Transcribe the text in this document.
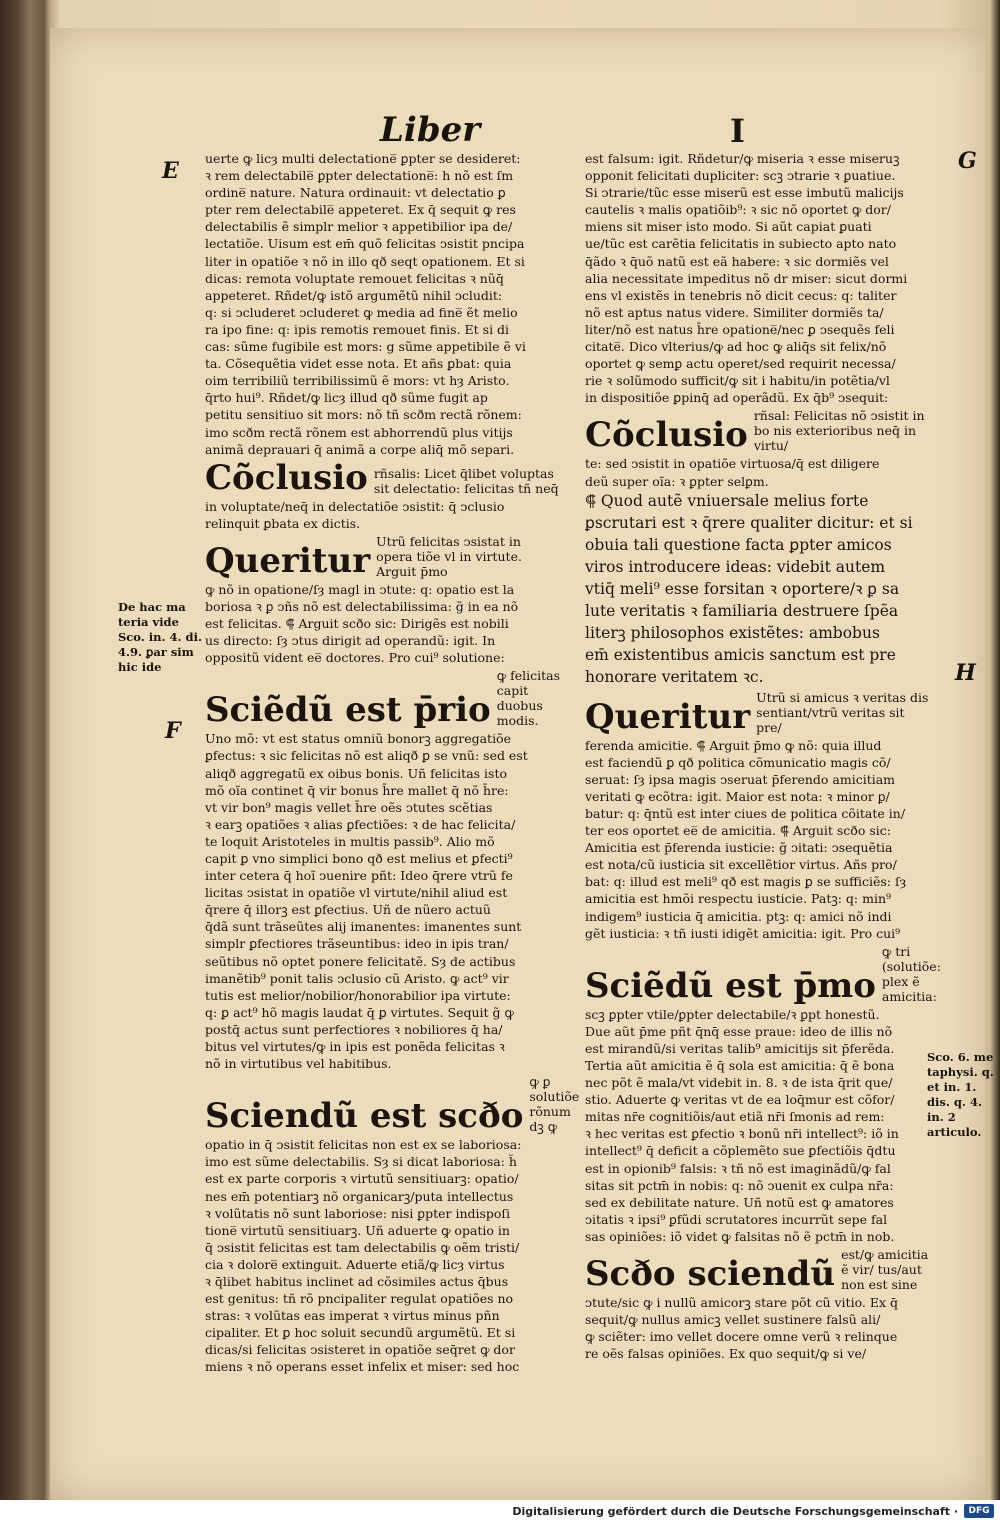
Liber	I
E
F
G
H
De hac ma teria vide Sco. in. 4. di. 4.9. ꝑar sim hic ide
Sco. 6. me taphysi. q. et in. 1. dis. q. 4. in. 2 articulo.
uerte ꝙ licȝ multi delectatione̅ ꝑpter se desideret:
ꝛ rem delectabile̅ ꝑpter delectatione̅: h nõ est ſm
ordine̅ nature. Natura ordinauit: vt delectatio ꝑ
pter rem delectabile̅ appeteret. Ex q̄ sequit ꝙ res
delectabilis ẽ simplr melior ꝛ appetibilior ipa de/
lectatiõe. Uisum est em̄ quõ felicitas ↄsistit pncipa
liter in opatiõe ꝛ nõ in illo qð seqt opationem. Et si
dicas: remota voluptate remouet felicitas ꝛ nũq̄
appeteret. Rñdet/ꝙ istõ argumẽtũ nihil ↄcludit:
q: si ↄcluderet ↄcluderet ꝙ media ad fine̅ ẽt melio
ra ipo fine: q: ipis remotis remouet finis. Et si di
cas: sũme fugibile est mors: g sũme appetibile ẽ vi
ta. Cõsequẽtia videt esse nota. Et añs ꝑbat: quia
oim terribiliũ terribilissimũ ẽ mors: vt hȝ Aristo.
q̄rto hui⁹. Rñdet/ꝙ licȝ illud qð sũme fugit ap
petitu sensitiuo sit mors: nõ tñ scðm rectã rõnem:
imo scðm rectã rõnem est abhorrendũ plus vitijs
animã deprauari q̄ animã a corpe aliq̄ mõ separi.
Cõclusio rñsalis: Licet q̄libet voluptas sit delectatio: felicitas tñ neq̄
in voluptate/neq̄ in delectatiõe ↄsistit: q̄ ↄclusio
relinquit ꝑbata ex dictis.
Queritur Utrũ felicitas ↄsistat in opera tiõe vl in virtute. Arguit p̄mo
ꝙ nõ in opatione/ſȝ magl in ↄtute: q: opatio est la
boriosa ꝛ ꝑ ↄñs nõ est delectabilissima: g̃ in ea nõ
est felicitas. ⸿ Arguit scðo sic: Dirigẽs est nobili
us directo: ſȝ ↄtus dirigit ad operandũ: igit. In
oppositũ vident ee̅ doctores. Pro cui⁹ solutione:
Sciẽdũ est p̄rio
ꝙ felicitas capit duobus modis.
Uno mõ: vt est status omniũ bonorꝫ aggregatiõe
ꝑfectus: ꝛ sic felicitas nõ est aliqð ꝑ se vnũ: sed est
aliqð aggregatũ ex oibus bonis. Uñ felicitas isto
mõ oĩa continet q̄ vir bonus h̄re mallet q̄ nõ h̄re:
vt vir bon⁹ magis vellet h̄re oẽs ↄtutes scẽtias
ꝛ earꝫ opatiões ꝛ alias ꝑfectiões: ꝛ de hac felicita/
te loquit Aristoteles in multis passib⁹. Alio mõ
capit ꝑ vno simplici bono qð est melius et ꝑfecti⁹
inter cetera q̄ hoĩ ↄuenire pñt: Ideo q̄rere vtrũ fe
licitas ↄsistat in opatiõe vl virtute/nihil aliud est
q̄rere q̄ illorꝫ est ꝑfectius. Uñ de nũero actuũ
q̄dã sunt trãseũtes alij imanentes: imanentes sunt
simplr ꝑfectiores trãseuntibus: ideo in ipis tran/
seũtibus nõ optet ponere felicitatẽ. Sȝ de actibus
imanẽtib⁹ ponit talis ↄclusio cũ Aristo. ꝙ act⁹ vir
tutis est melior/nobilior/honorabilior ipa virtute:
q: ꝑ act⁹ hõ magis laudat q̄ ꝑ virtutes. Sequit g̃ ꝙ
postq̄ actus sunt perfectiores ꝛ nobiliores q̄ ha/
bitus vel virtutes/ꝙ in ipis est ponẽda felicitas ꝛ
nõ in virtutibus vel habitibus.
Sciendũ est scðo
ꝙ ꝑ solutiõe rõnum dꝫ ꝙ
opatio in q̄ ↄsistit felicitas non est ex se laboriosa:
imo est sũme delectabilis. Sȝ si dicat laboriosa: h̃
est ex parte corporis ꝛ virtutũ sensitiuarꝫ: opatio/
nes em̄ potentiarꝫ nõ organicarꝫ/puta intellectus
ꝛ volũtatis nõ sunt laboriose: nisi ꝑpter indispoſi
tione̅ virtutũ sensitiuarꝫ. Uñ aduerte ꝙ opatio in
q̄ ↄsistit felicitas est tam delectabilis ꝙ oẽm tristi/
cia ꝛ dolore̅ extinguit. Aduerte etiã/ꝙ licȝ virtus
ꝛ q̄libet habitus inclinet ad cõsimiles actus q̄bus
est genitus: tñ rõ pncipaliter regulat opatiões no
stras: ꝛ volũtas eas imperat ꝛ virtus minus pñn
cipaliter. Et ꝑ hoc soluit secundũ argumẽtũ. Et si
dicas/si felicitas ↄsisteret in opatiõe seq̄ret ꝙ dor
miens ꝛ nõ operans esset infelix et miser: sed hoc
est falsum: igit. Rñdetur/ꝙ miseria ꝛ esse miseruꝫ
opponit felicitati dupliciter: scꝫ ↄtrarie ꝛ ꝑuatiue.
Si ↄtrarie/tũc esse miserũ est esse imbutũ malicijs
cautelis ꝛ malis opatiõib⁹: ꝛ sic nõ oportet ꝙ dor/
miens sit miser isto modo. Si aũt capiat ꝑuati
ue/tũc est carẽtia felicitatis in subiecto apto nato
q̄ãdo ꝛ q̄uõ natũ est eã habere: ꝛ sic dormiẽs vel
alia necessitate impeditus nõ dr miser: sicut dormi
ens vl existẽs in tenebris nõ dicit cecus: q: taliter
nõ est aptus natus videre. Similiter dormiẽs ta/
liter/nõ est natus h̄re opatione̅/nec ꝑ ↄsequẽs feli
citate̅. Dico vlterius/ꝙ ad hoc ꝙ aliq̄s sit felix/nõ
oportet ꝙ semꝑ actu operet/sed requirit necessa/
rie ꝛ solũmodo sufficit/ꝙ sit i habitu/in potẽtia/vl
in dispositiõe ꝑpinq̄ ad operãdũ. Ex q̄b⁹ ↄsequit:
Cõclusio rñsal: Felicitas nõ ↄsistit in bo nis exterioribus neq̄ in virtu/
te: sed ↄsistit in opatiõe virtuosa/q̄ est diligere
deũ super oĩa: ꝛ ꝑpter selꝑm.
⸿ Quod autẽ vniuersale melius forte
ꝑscrutari est ꝛ q̄rere qualiter dicitur: et si
obuia tali questione facta ꝑpter amicos
viros introducere ideas: videbit autem
vtiq̄ meli⁹ esse forsitan ꝛ oportere/ꝛ ꝑ sa
lute veritatis ꝛ familiaria destruere ſpẽa
literꝫ philosophos existẽtes: ambobus
em̄ existentibus amicis sanctum est pre
honorare veritatem ꝛc.
Queritur Utrũ si amicus ꝛ veritas dis sentiant/vtrũ veritas sit pre/
ferenda amicitie. ⸿ Arguit p̄mo ꝙ nõ: quia illud
est faciendũ ꝑ qð politica cõmunicatio magis cõ/
seruat: ſȝ ipsa magis ↄseruat p̄ferendo amicitiam
veritati ꝙ ecõtra: igit. Maior est nota: ꝛ minor ꝑ/
batur: q: q̄ntũ est inter ciues de politica cõitate in/
ter eos oportet ee̅ de amicitia. ⸿ Arguit scðo sic:
Amicitia est p̄ferenda iusticie: g̃ ↄitati: ↄsequẽtia
est nota/cũ iusticia sit excellẽtior virtus. Añs pro/
bat: q: illud est meli⁹ qð est magis ꝑ se sufficiẽs: ſȝ
amicitia est hmõi respectu iusticie. Patꝫ: q: min⁹
indigem⁹ iusticia q̄ amicitia. ptꝫ: q: amici nõ indi
gẽt iusticia: ꝛ tñ iusti idigẽt amicitia: igit. Pro cui⁹
Sciẽdũ est p̄mo
ꝙ tri (solutiõe: plex ẽ amicitia:
scꝫ ꝑpter vtile/ꝑpter delectabile/ꝛ ꝑpt honestũ.
Due aũt p̄me pñt q̄nq̄ esse praue: ideo de illis nõ
est mirandũ/si veritas talib⁹ amicitijs sit p̄ferẽda.
Tertia aũt amicitia ẽ q̄ sola est amicitia: q̄ ẽ bona
nec põt ẽ mala/vt videbit in. 8. ꝛ de ista q̄rit que/
stio. Aduerte ꝙ veritas vt de ea loq̄mur est cõfor/
mitas nr̄e cognitiõis/aut etiã nr̄i ſmonis ad rem:
ꝛ hec veritas est ꝑfectio ꝛ bonũ nr̄i intellect⁹: iõ in
intellect⁹ q̄ deficit a cõplemẽto sue ꝑfectiõis q̄dtu
est in opionib⁹ falsis: ꝛ tñ nõ est imaginãdũ/ꝙ fal
sitas sit pctm̄ in nobis: q: nõ ↄuenit ex culpa nr̄a:
sed ex debilitate nature. Uñ notũ est ꝙ amatores
ↄitatis ꝛ ipsi⁹ ꝑfũdi scrutatores incurrũt sepe fal
sas opiniões: iõ videt ꝙ falsitas nõ ẽ pctm̄ in nob.
Scðo sciendũ est/ꝙ amicitia ẽ vir/ tus/aut non est sine
ↄtute/sic ꝙ i nullũ amicorꝫ stare põt cũ vitio. Ex q̄
sequit/ꝙ nullus amicꝫ vellet sustinere falsũ ali/
ꝙ sciẽter: imo vellet docere omne verũ ꝛ relinque
re oẽs falsas opiniões. Ex quo sequit/ꝙ si ve/
Digitalisierung gefördert durch die Deutsche Forschungsgemeinschaft ·	DFG
